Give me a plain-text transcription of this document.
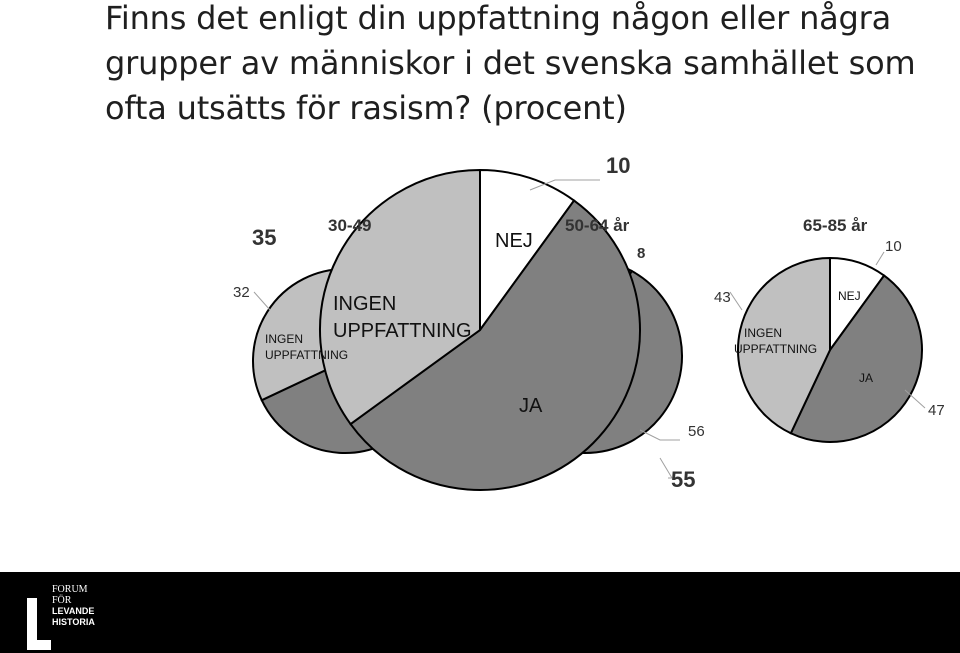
Finns det enligt din uppfattning någon eller några grupper av människor i det svenska samhället som ofta utsätts för rasism? (procent)
30-49	50-64 år	65-85 år
10
35
55
NEJ
JA
INGEN UPPFATTNING
32
INGEN UPPFATTNING
8
56
10
43
47
NEJ
JA
INGEN UPPFATTNING
FORUM
FÖR
LEVANDE
HISTORIA
